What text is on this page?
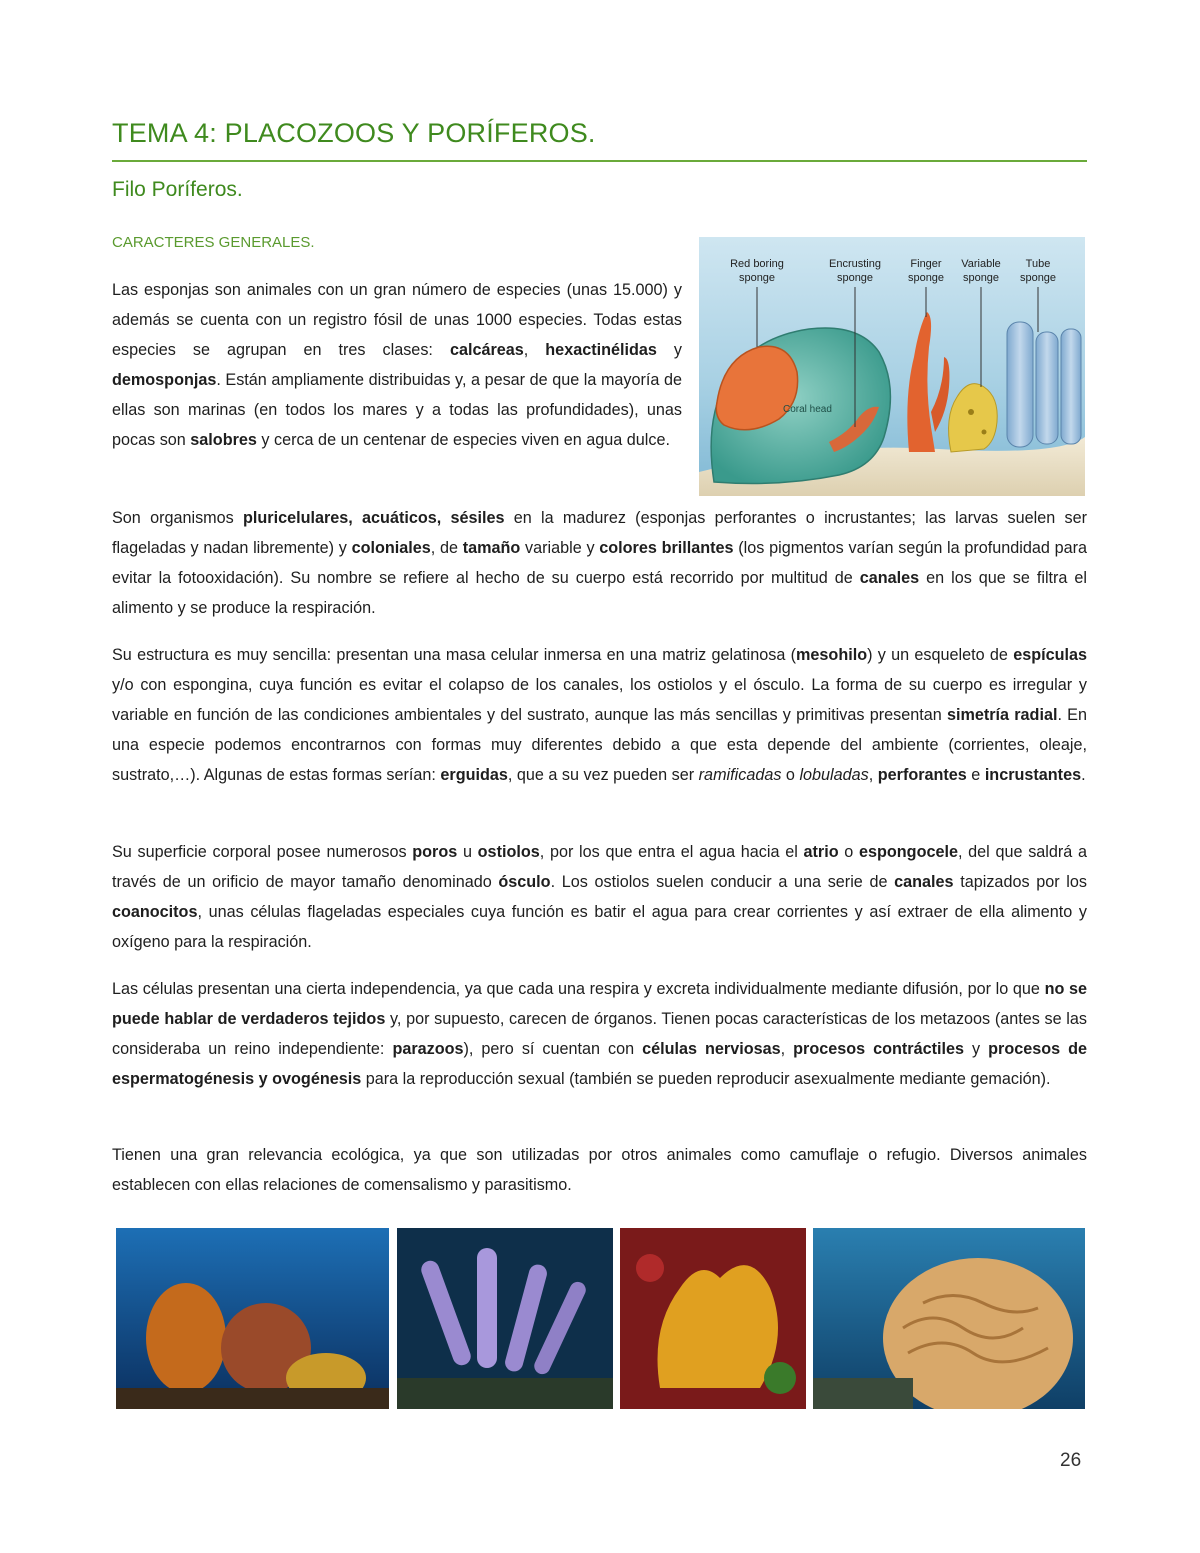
TEMA 4: PLACOZOOS Y PORÍFEROS.
Filo Poríferos.
CARACTERES GENERALES.
Las esponjas son animales con un gran número de especies (unas 15.000) y además se cuenta con un registro fósil de unas 1000 especies. Todas estas especies se agrupan en tres clases: calcáreas, hexactinélidas y demosponjas. Están ampliamente distribuidas y, a pesar de que la mayoría de ellas son marinas (en todos los mares y a todas las profundidades), unas pocas son salobres y cerca de un centenar de especies viven en agua dulce.
Red boring
sponge
Encrusting
sponge
Finger
sponge
Variable
sponge
Tube
sponge
Coral head
Son organismos pluricelulares, acuáticos, sésiles en la madurez (esponjas perforantes o incrustantes; las larvas suelen ser flageladas y nadan libremente) y coloniales, de tamaño variable y colores brillantes (los pigmentos varían según la profundidad para evitar la fotooxidación). Su nombre se refiere al hecho de su cuerpo está recorrido por multitud de canales en los que se filtra el alimento y se produce la respiración.
Su estructura es muy sencilla: presentan una masa celular inmersa en una matriz gelatinosa (mesohilo) y un esqueleto de espículas y/o con espongina, cuya función es evitar el colapso de los canales, los ostiolos y el ósculo. La forma de su cuerpo es irregular y variable en función de las condiciones ambientales y del sustrato, aunque las más sencillas y primitivas presentan simetría radial. En una especie podemos encontrarnos con formas muy diferentes debido a que esta depende del ambiente (corrientes, oleaje, sustrato,…). Algunas de estas formas serían: erguidas, que a su vez pueden ser ramificadas o lobuladas, perforantes e incrustantes.
Su superficie corporal posee numerosos poros u ostiolos, por los que entra el agua hacia el atrio o espongocele, del que saldrá a través de un orificio de mayor tamaño denominado ósculo. Los ostiolos suelen conducir a una serie de canales tapizados por los coanocitos, unas células flageladas especiales cuya función es batir el agua para crear corrientes y así extraer de ella alimento y oxígeno para la respiración.
Las células presentan una cierta independencia, ya que cada una respira y excreta individualmente mediante difusión, por lo que no se puede hablar de verdaderos tejidos y, por supuesto, carecen de órganos. Tienen pocas características de los metazoos (antes se las consideraba un reino independiente: parazoos), pero sí cuentan con células nerviosas, procesos contráctiles y procesos de espermatogénesis y ovogénesis para la reproducción sexual (también se pueden reproducir asexualmente mediante gemación).
Tienen una gran relevancia ecológica, ya que son utilizadas por otros animales como camuflaje o refugio. Diversos animales establecen con ellas relaciones de comensalismo y parasitismo.
26
